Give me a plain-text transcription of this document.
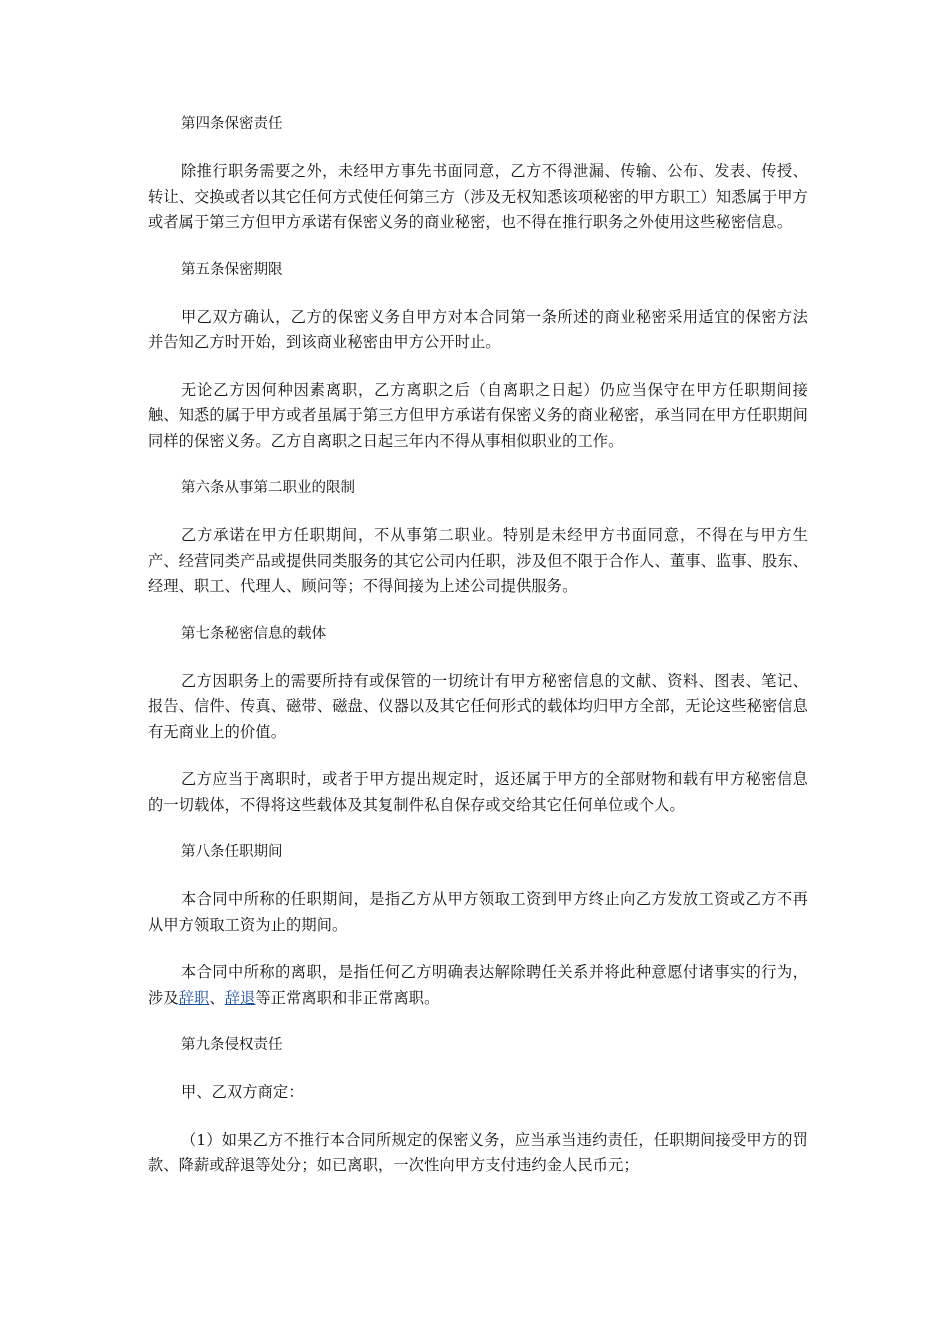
第四条保密责任

除推行职务需要之外，未经甲方事先书面同意，乙方不得泄漏、传输、公布、发表、传授、转让、交换或者以其它任何方式使任何第三方（涉及无权知悉该项秘密的甲方职工）知悉属于甲方或者属于第三方但甲方承诺有保密义务的商业秘密，也不得在推行职务之外使用这些秘密信息。

第五条保密期限

甲乙双方确认，乙方的保密义务自甲方对本合同第一条所述的商业秘密采用适宜的保密方法并告知乙方时开始，到该商业秘密由甲方公开时止。

无论乙方因何种因素离职，乙方离职之后（自离职之日起）仍应当保守在甲方任职期间接触、知悉的属于甲方或者虽属于第三方但甲方承诺有保密义务的商业秘密，承当同在甲方任职期间同样的保密义务。乙方自离职之日起三年内不得从事相似职业的工作。

第六条从事第二职业的限制

乙方承诺在甲方任职期间，不从事第二职业。特别是未经甲方书面同意，不得在与甲方生产、经营同类产品或提供同类服务的其它公司内任职，涉及但不限于合作人、董事、监事、股东、经理、职工、代理人、顾问等；不得间接为上述公司提供服务。

第七条秘密信息的载体

乙方因职务上的需要所持有或保管的一切统计有甲方秘密信息的文献、资料、图表、笔记、报告、信件、传真、磁带、磁盘、仪器以及其它任何形式的载体均归甲方全部，无论这些秘密信息有无商业上的价值。

乙方应当于离职时，或者于甲方提出规定时，返还属于甲方的全部财物和载有甲方秘密信息的一切载体，不得将这些载体及其复制件私自保存或交给其它任何单位或个人。

第八条任职期间

本合同中所称的任职期间，是指乙方从甲方领取工资到甲方终止向乙方发放工资或乙方不再从甲方领取工资为止的期间。

本合同中所称的离职，是指任何乙方明确表达解除聘任关系并将此种意愿付诸事实的行为，涉及辞职、辞退等正常离职和非正常离职。

第九条侵权责任

甲、乙双方商定：

（1）如果乙方不推行本合同所规定的保密义务，应当承当违约责任，任职期间接受甲方的罚款、降薪或辞退等处分；如已离职，一次性向甲方支付违约金人民币元；
